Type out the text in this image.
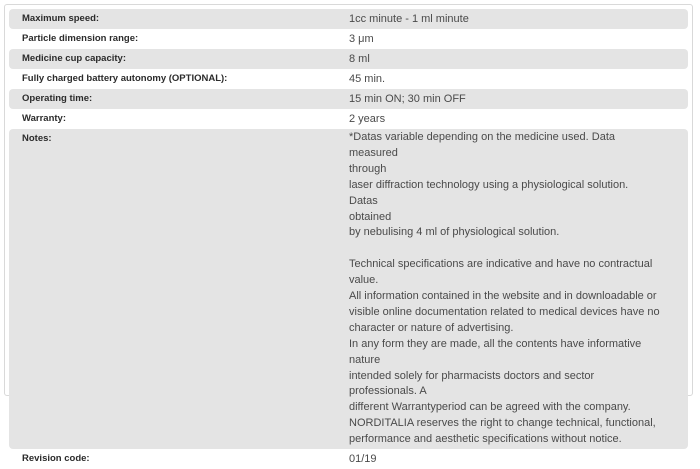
Maximum speed:	1cc minute - 1 ml minute
Particle dimension range:	3 μm
Medicine cup capacity:	8 ml
Fully charged battery autonomy (OPTIONAL):	45 min.
Operating time:	15 min ON; 30 min OFF
Warranty:	2 years
Notes:	*Datas variable depending on the medicine used. Data measured
through
laser diffraction technology using a physiological solution. Datas
obtained
by nebulising 4 ml of physiological solution.
Technical specifications are indicative and have no contractual value.
All information contained in the website and in downloadable or
visible online documentation related to medical devices have no
character or nature of advertising.
In any form they are made, all the contents have informative nature
intended solely for pharmacists doctors and sector professionals. A
different Warrantyperiod can be agreed with the company.
NORDITALIA reserves the right to change technical, functional,
performance and aesthetic specifications without notice.
Revision code:	01/19
